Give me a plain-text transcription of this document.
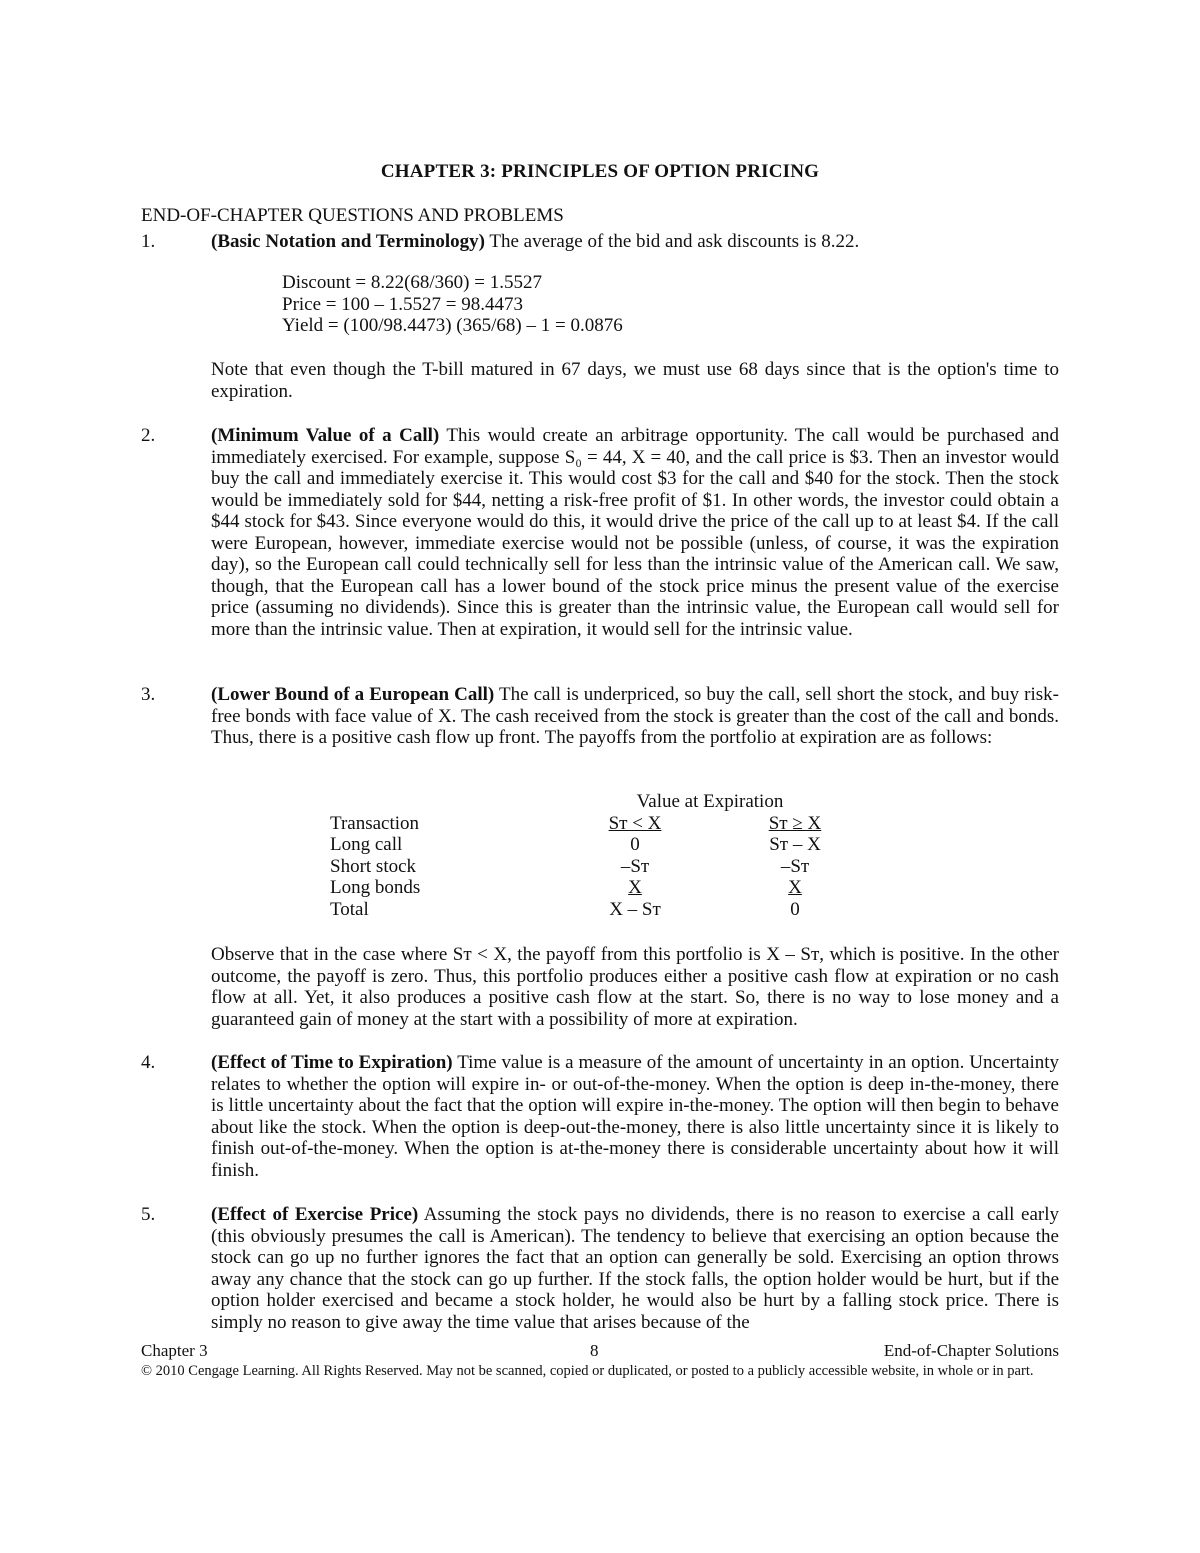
CHAPTER 3: PRINCIPLES OF OPTION PRICING
END-OF-CHAPTER QUESTIONS AND PROBLEMS
1.	(Basic Notation and Terminology) The average of the bid and ask discounts is 8.22.
Discount = 8.22(68/360) = 1.5527
Price = 100 – 1.5527 = 98.4473
Yield = (100/98.4473) (365/68) – 1 = 0.0876
Note that even though the T-bill matured in 67 days, we must use 68 days since that is the option's time to expiration.
2.	(Minimum Value of a Call) This would create an arbitrage opportunity. The call would be purchased and immediately exercised. For example, suppose S₀ = 44, X = 40, and the call price is $3. Then an investor would buy the call and immediately exercise it. This would cost $3 for the call and $40 for the stock. Then the stock would be immediately sold for $44, netting a risk-free profit of $1. In other words, the investor could obtain a $44 stock for $43. Since everyone would do this, it would drive the price of the call up to at least $4. If the call were European, however, immediate exercise would not be possible (unless, of course, it was the expiration day), so the European call could technically sell for less than the intrinsic value of the American call. We saw, though, that the European call has a lower bound of the stock price minus the present value of the exercise price (assuming no dividends). Since this is greater than the intrinsic value, the European call would sell for more than the intrinsic value. Then at expiration, it would sell for the intrinsic value.
3.	(Lower Bound of a European Call) The call is underpriced, so buy the call, sell short the stock, and buy risk-free bonds with face value of X. The cash received from the stock is greater than the cost of the call and bonds. Thus, there is a positive cash flow up front. The payoffs from the portfolio at expiration are as follows:
	Value at Expiration	
Transaction	Sᴛ < X	Sᴛ ≥ X
Long call	0	Sᴛ – X
Short stock	–Sᴛ	–Sᴛ
Long bonds	X	X
Total	X – Sᴛ	0
Observe that in the case where Sᴛ < X, the payoff from this portfolio is X – Sᴛ, which is positive. In the other outcome, the payoff is zero. Thus, this portfolio produces either a positive cash flow at expiration or no cash flow at all. Yet, it also produces a positive cash flow at the start. So, there is no way to lose money and a guaranteed gain of money at the start with a possibility of more at expiration.
4.	(Effect of Time to Expiration) Time value is a measure of the amount of uncertainty in an option. Uncertainty relates to whether the option will expire in- or out-of-the-money. When the option is deep in-the-money, there is little uncertainty about the fact that the option will expire in-the-money. The option will then begin to behave about like the stock. When the option is deep-out-the-money, there is also little uncertainty since it is likely to finish out-of-the-money. When the option is at-the-money there is considerable uncertainty about how it will finish.
5.	(Effect of Exercise Price) Assuming the stock pays no dividends, there is no reason to exercise a call early (this obviously presumes the call is American). The tendency to believe that exercising an option because the stock can go up no further ignores the fact that an option can generally be sold. Exercising an option throws away any chance that the stock can go up further. If the stock falls, the option holder would be hurt, but if the option holder exercised and became a stock holder, he would also be hurt by a falling stock price. There is simply no reason to give away the time value that arises because of the
Chapter 3	8	End-of-Chapter Solutions
© 2010 Cengage Learning. All Rights Reserved. May not be scanned, copied or duplicated, or posted to a publicly accessible website, in whole or in part.
